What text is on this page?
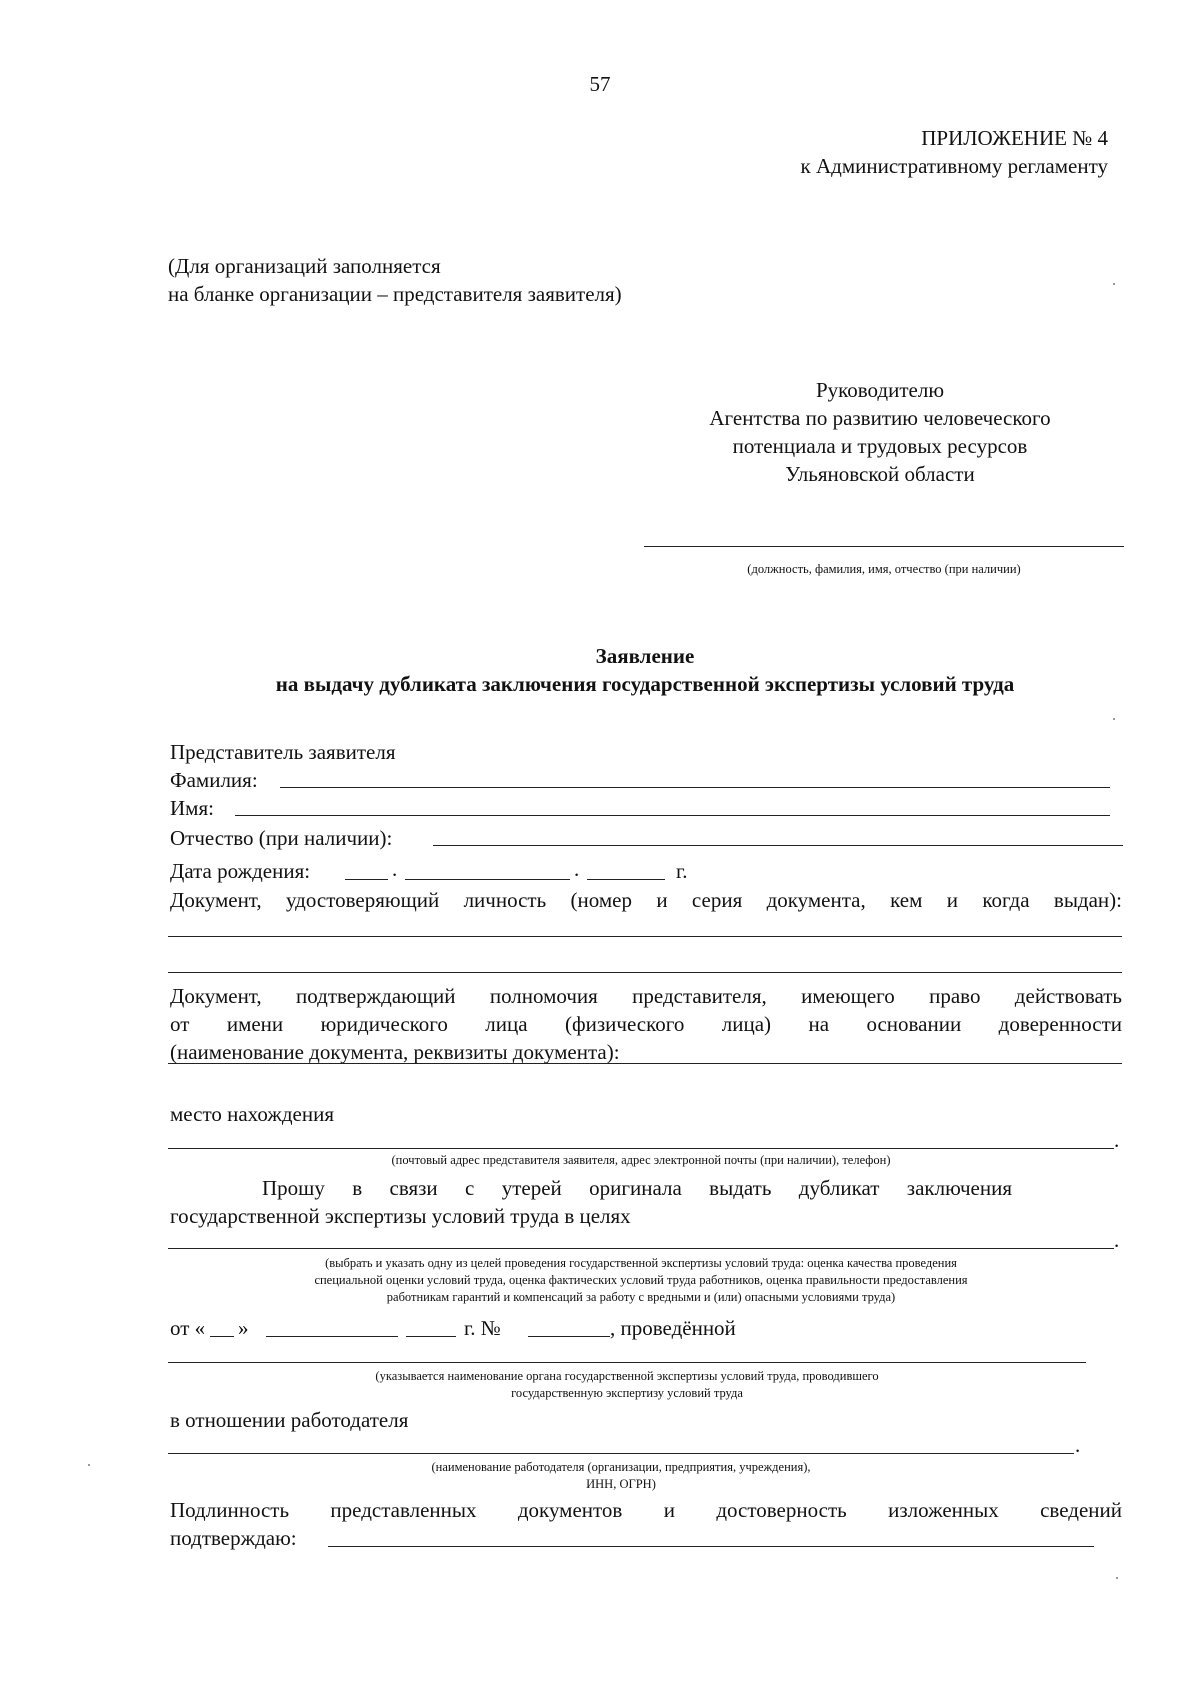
57
ПРИЛОЖЕНИЕ № 4
к Административному регламенту
(Для организаций заполняется
на бланке организации – представителя заявителя)
Руководителю
Агентства по развитию человеческого
потенциала и трудовых ресурсов
Ульяновской области
(должность, фамилия, имя, отчество (при наличии)
Заявление
на выдачу дубликата заключения государственной экспертизы условий труда
Представитель заявителя
Фамилия:
Имя:
Отчество (при наличии):
Дата рождения:	.	.	г.
Документ, удостоверяющий личность (номер и серия документа, кем и когда выдан):
Документ, подтверждающий полномочия представителя, имеющего право действовать
от имени юридического лица (физического лица) на основании доверенности
(наименование документа, реквизиты документа):
место нахождения
.
(почтовый адрес представителя заявителя, адрес электронной почты (при наличии), телефон)
Прошу в связи с утерей оригинала выдать дубликат заключения
государственной экспертизы условий труда в целях
.
(выбрать и указать одну из целей проведения государственной экспертизы условий труда: оценка качества проведения
специальной оценки условий труда, оценка фактических условий труда работников, оценка правильности предоставления
работникам гарантий и компенсаций за работу с вредными и (или) опасными условиями труда)
от « »	г. №	, проведённой
(указывается наименование органа государственной экспертизы условий труда, проводившего
государственную экспертизу условий труда
в отношении работодателя
.
(наименование работодателя (организации, предприятия, учреждения),
ИНН, ОГРН)
Подлинность представленных документов и достоверность изложенных сведений
подтверждаю:
